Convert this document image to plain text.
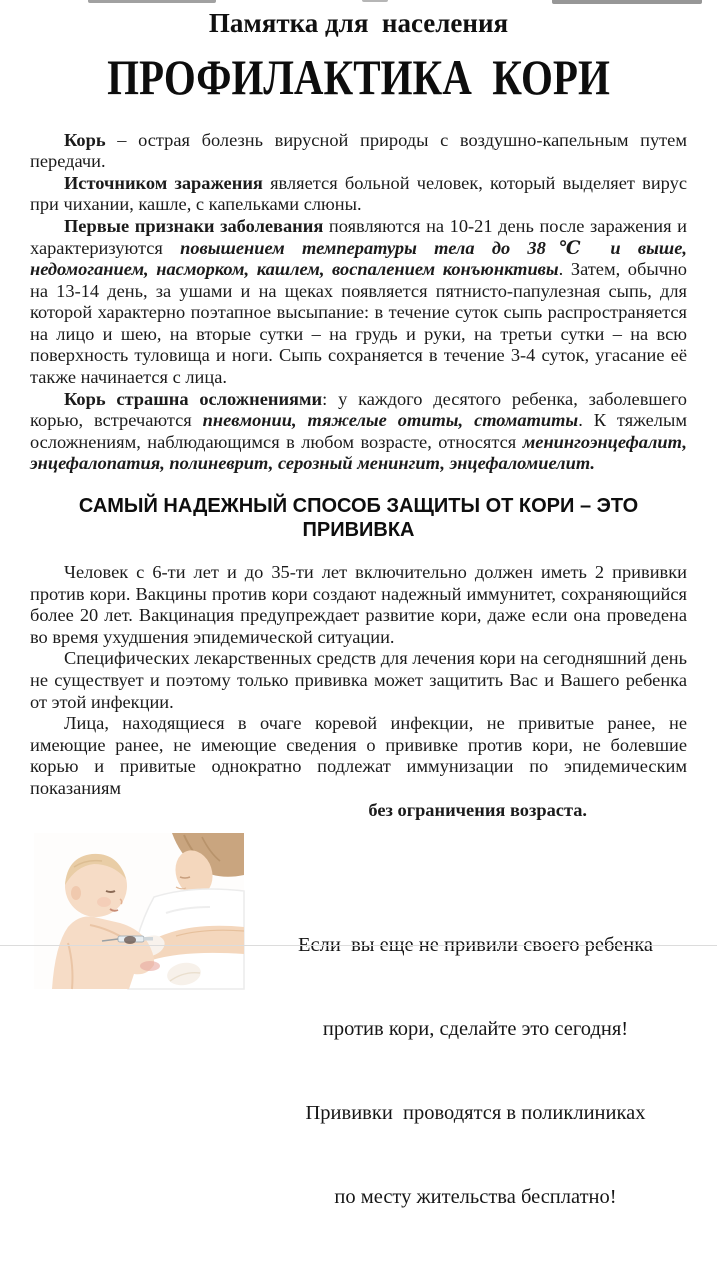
Памятка для  населения
ПРОФИЛАКТИКА  КОРИ

Корь – острая болезнь вирусной природы с воздушно-капельным путем передачи.

Источником заражения является больной человек, который выделяет вирус при чихании, кашле, с капельками слюны.

Первые признаки заболевания появляются на 10-21 день после заражения и характеризуются повышением температуры тела до 38℃ и выше, недомоганием, насморком, кашлем, воспалением конъюнктивы. Затем, обычно на 13-14 день, за ушами и на щеках появляется пятнисто-папулезная сыпь, для которой характерно поэтапное высыпание: в течение суток сыпь распространяется на лицо и шею, на вторые сутки – на грудь и руки, на третьи сутки – на всю поверхность туловища и ноги. Сыпь сохраняется в течение 3-4 суток, угасание её также начинается с лица.

Корь страшна осложнениями: у каждого десятого ребенка, заболевшего корью, встречаются пневмонии, тяжелые отиты, стоматиты. К тяжелым осложнениям, наблюдающимся в любом возрасте, относятся менингоэнцефалит, энцефалопатия, полиневрит, серозный менингит, энцефаломиелит.

САМЫЙ НАДЕЖНЫЙ СПОСОБ ЗАЩИТЫ ОТ КОРИ – ЭТО ПРИВИВКА

Человек с 6-ти лет и до 35-ти лет включительно должен иметь 2 прививки против кори. Вакцины против кори создают надежный иммунитет, сохраняющийся более 20 лет. Вакцинация предупреждает развитие кори, даже если она проведена во время ухудшения эпидемической ситуации.

Специфических лекарственных средств для лечения кори на сегодняшний день не существует и поэтому только прививка может защитить Вас и Вашего ребенка от этой инфекции.

Лица, находящиеся в очаге коревой инфекции, не привитые ранее, не имеющие ранее, не имеющие сведения о прививке против кори, не болевшие корью и привитые однократно подлежат иммунизации по эпидемическим показаниям

без ограничения возраста.

Если  вы еще не привили своего ребенка

против кори, сделайте это сегодня!

Прививки  проводятся в поликлиниках

по месту жительства бесплатно!
